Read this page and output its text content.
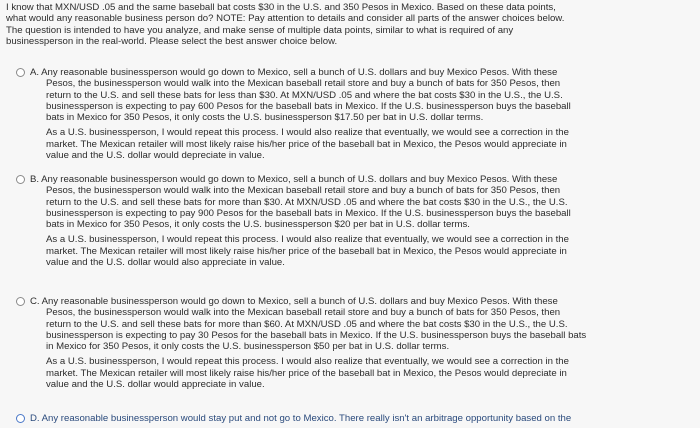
I know that MXN/USD .05 and the same baseball bat costs $30 in the U.S. and 350 Pesos in Mexico. Based on these data points,
what would any reasonable business person do? NOTE: Pay attention to details and consider all parts of the answer choices below.
The question is intended to have you analyze, and make sense of multiple data points, similar to what is required of any
businessperson in the real-world. Please select the best answer choice below.
A. Any reasonable businessperson would go down to Mexico, sell a bunch of U.S. dollars and buy Mexico Pesos. With these
Pesos, the businessperson would walk into the Mexican baseball retail store and buy a bunch of bats for 350 Pesos, then
return to the U.S. and sell these bats for less than $30. At MXN/USD .05 and where the bat costs $30 in the U.S., the U.S.
businessperson is expecting to pay 600 Pesos for the baseball bats in Mexico. If the U.S. businessperson buys the baseball
bats in Mexico for 350 Pesos, it only costs the U.S. businessperson $17.50 per bat in U.S. dollar terms.
As a U.S. businessperson, I would repeat this process. I would also realize that eventually, we would see a correction in the
market. The Mexican retailer will most likely raise his/her price of the baseball bat in Mexico, the Pesos would appreciate in
value and the U.S. dollar would depreciate in value.
B. Any reasonable businessperson would go down to Mexico, sell a bunch of U.S. dollars and buy Mexico Pesos. With these
Pesos, the businessperson would walk into the Mexican baseball retail store and buy a bunch of bats for 350 Pesos, then
return to the U.S. and sell these bats for more than $30. At MXN/USD .05 and where the bat costs $30 in the U.S., the U.S.
businessperson is expecting to pay 900 Pesos for the baseball bats in Mexico. If the U.S. businessperson buys the baseball
bats in Mexico for 350 Pesos, it only costs the U.S. businessperson $20 per bat in U.S. dollar terms.
As a U.S. businessperson, I would repeat this process. I would also realize that eventually, we would see a correction in the
market. The Mexican retailer will most likely raise his/her price of the baseball bat in Mexico, the Pesos would appreciate in
value and the U.S. dollar would also appreciate in value.
C. Any reasonable businessperson would go down to Mexico, sell a bunch of U.S. dollars and buy Mexico Pesos. With these
Pesos, the businessperson would walk into the Mexican baseball retail store and buy a bunch of bats for 350 Pesos, then
return to the U.S. and sell these bats for more than $60. At MXN/USD .05 and where the bat costs $30 in the U.S., the U.S.
businessperson is expecting to pay 30 Pesos for the baseball bats in Mexico. If the U.S. businessperson buys the baseball bats
in Mexico for 350 Pesos, it only costs the U.S. businessperson $50 per bat in U.S. dollar terms.
As a U.S. businessperson, I would repeat this process. I would also realize that eventually, we would see a correction in the
market. The Mexican retailer will most likely raise his/her price of the baseball bat in Mexico, the Pesos would depreciate in
value and the U.S. dollar would appreciate in value.
D. Any reasonable businessperson would stay put and not go to Mexico. There really isn't an arbitrage opportunity based on the
